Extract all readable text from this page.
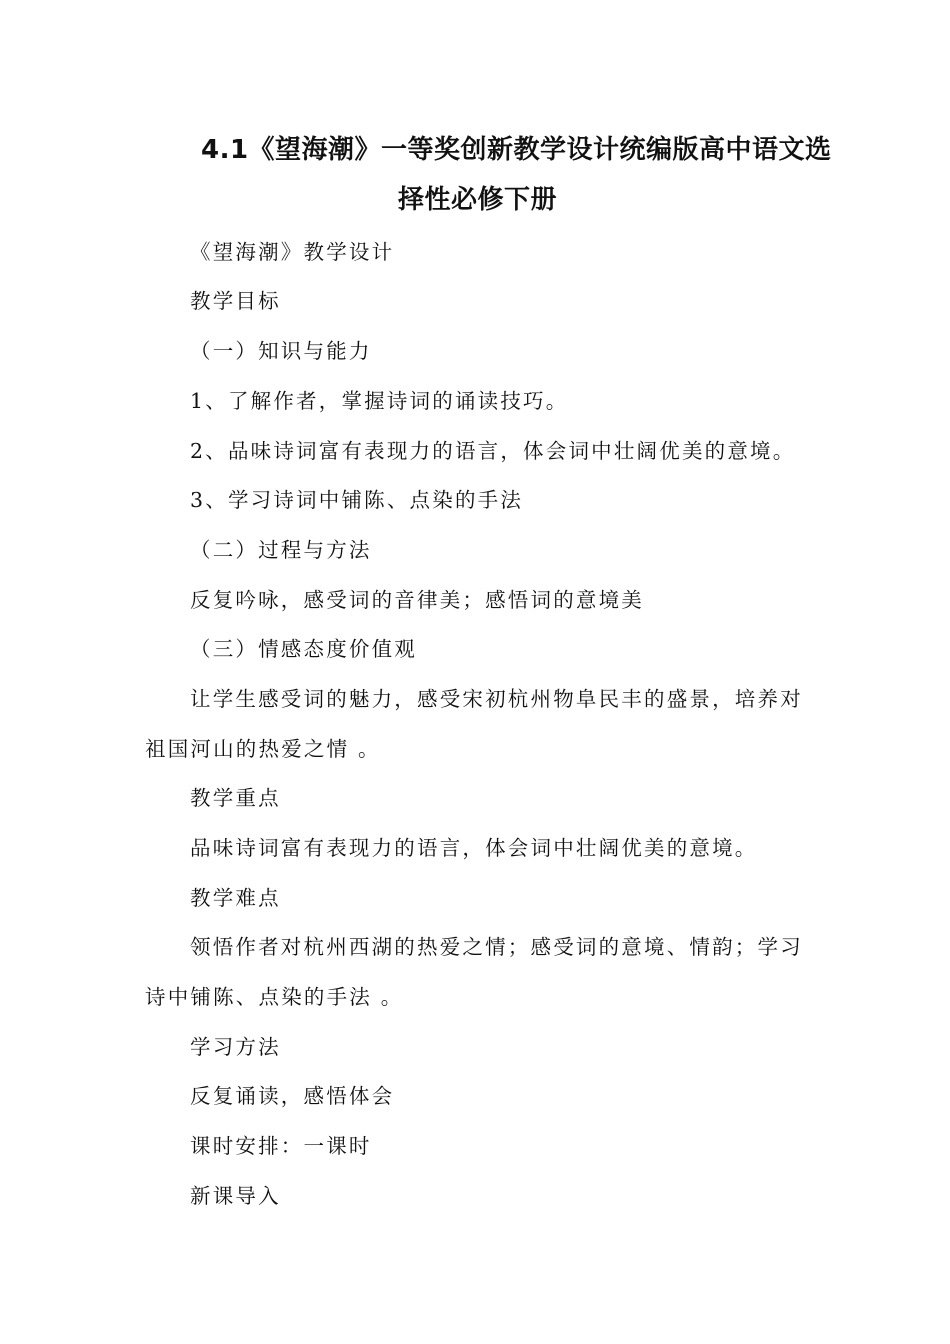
4.1《望海潮》一等奖创新教学设计统编版高中语文选
择性必修下册
《望海潮》教学设计
教学目标
（一）知识与能力
1、了解作者，掌握诗词的诵读技巧。
2、品味诗词富有表现力的语言，体会词中壮阔优美的意境。
3、学习诗词中铺陈、点染的手法
（二）过程与方法
反复吟咏，感受词的音律美；感悟词的意境美
（三）情感态度价值观
让学生感受词的魅力，感受宋初杭州物阜民丰的盛景，培养对
祖国河山的热爱之情 。
教学重点
品味诗词富有表现力的语言，体会词中壮阔优美的意境。
教学难点
领悟作者对杭州西湖的热爱之情；感受词的意境、情韵；学习
诗中铺陈、点染的手法 。
学习方法
反复诵读，感悟体会
课时安排：一课时
新课导入
